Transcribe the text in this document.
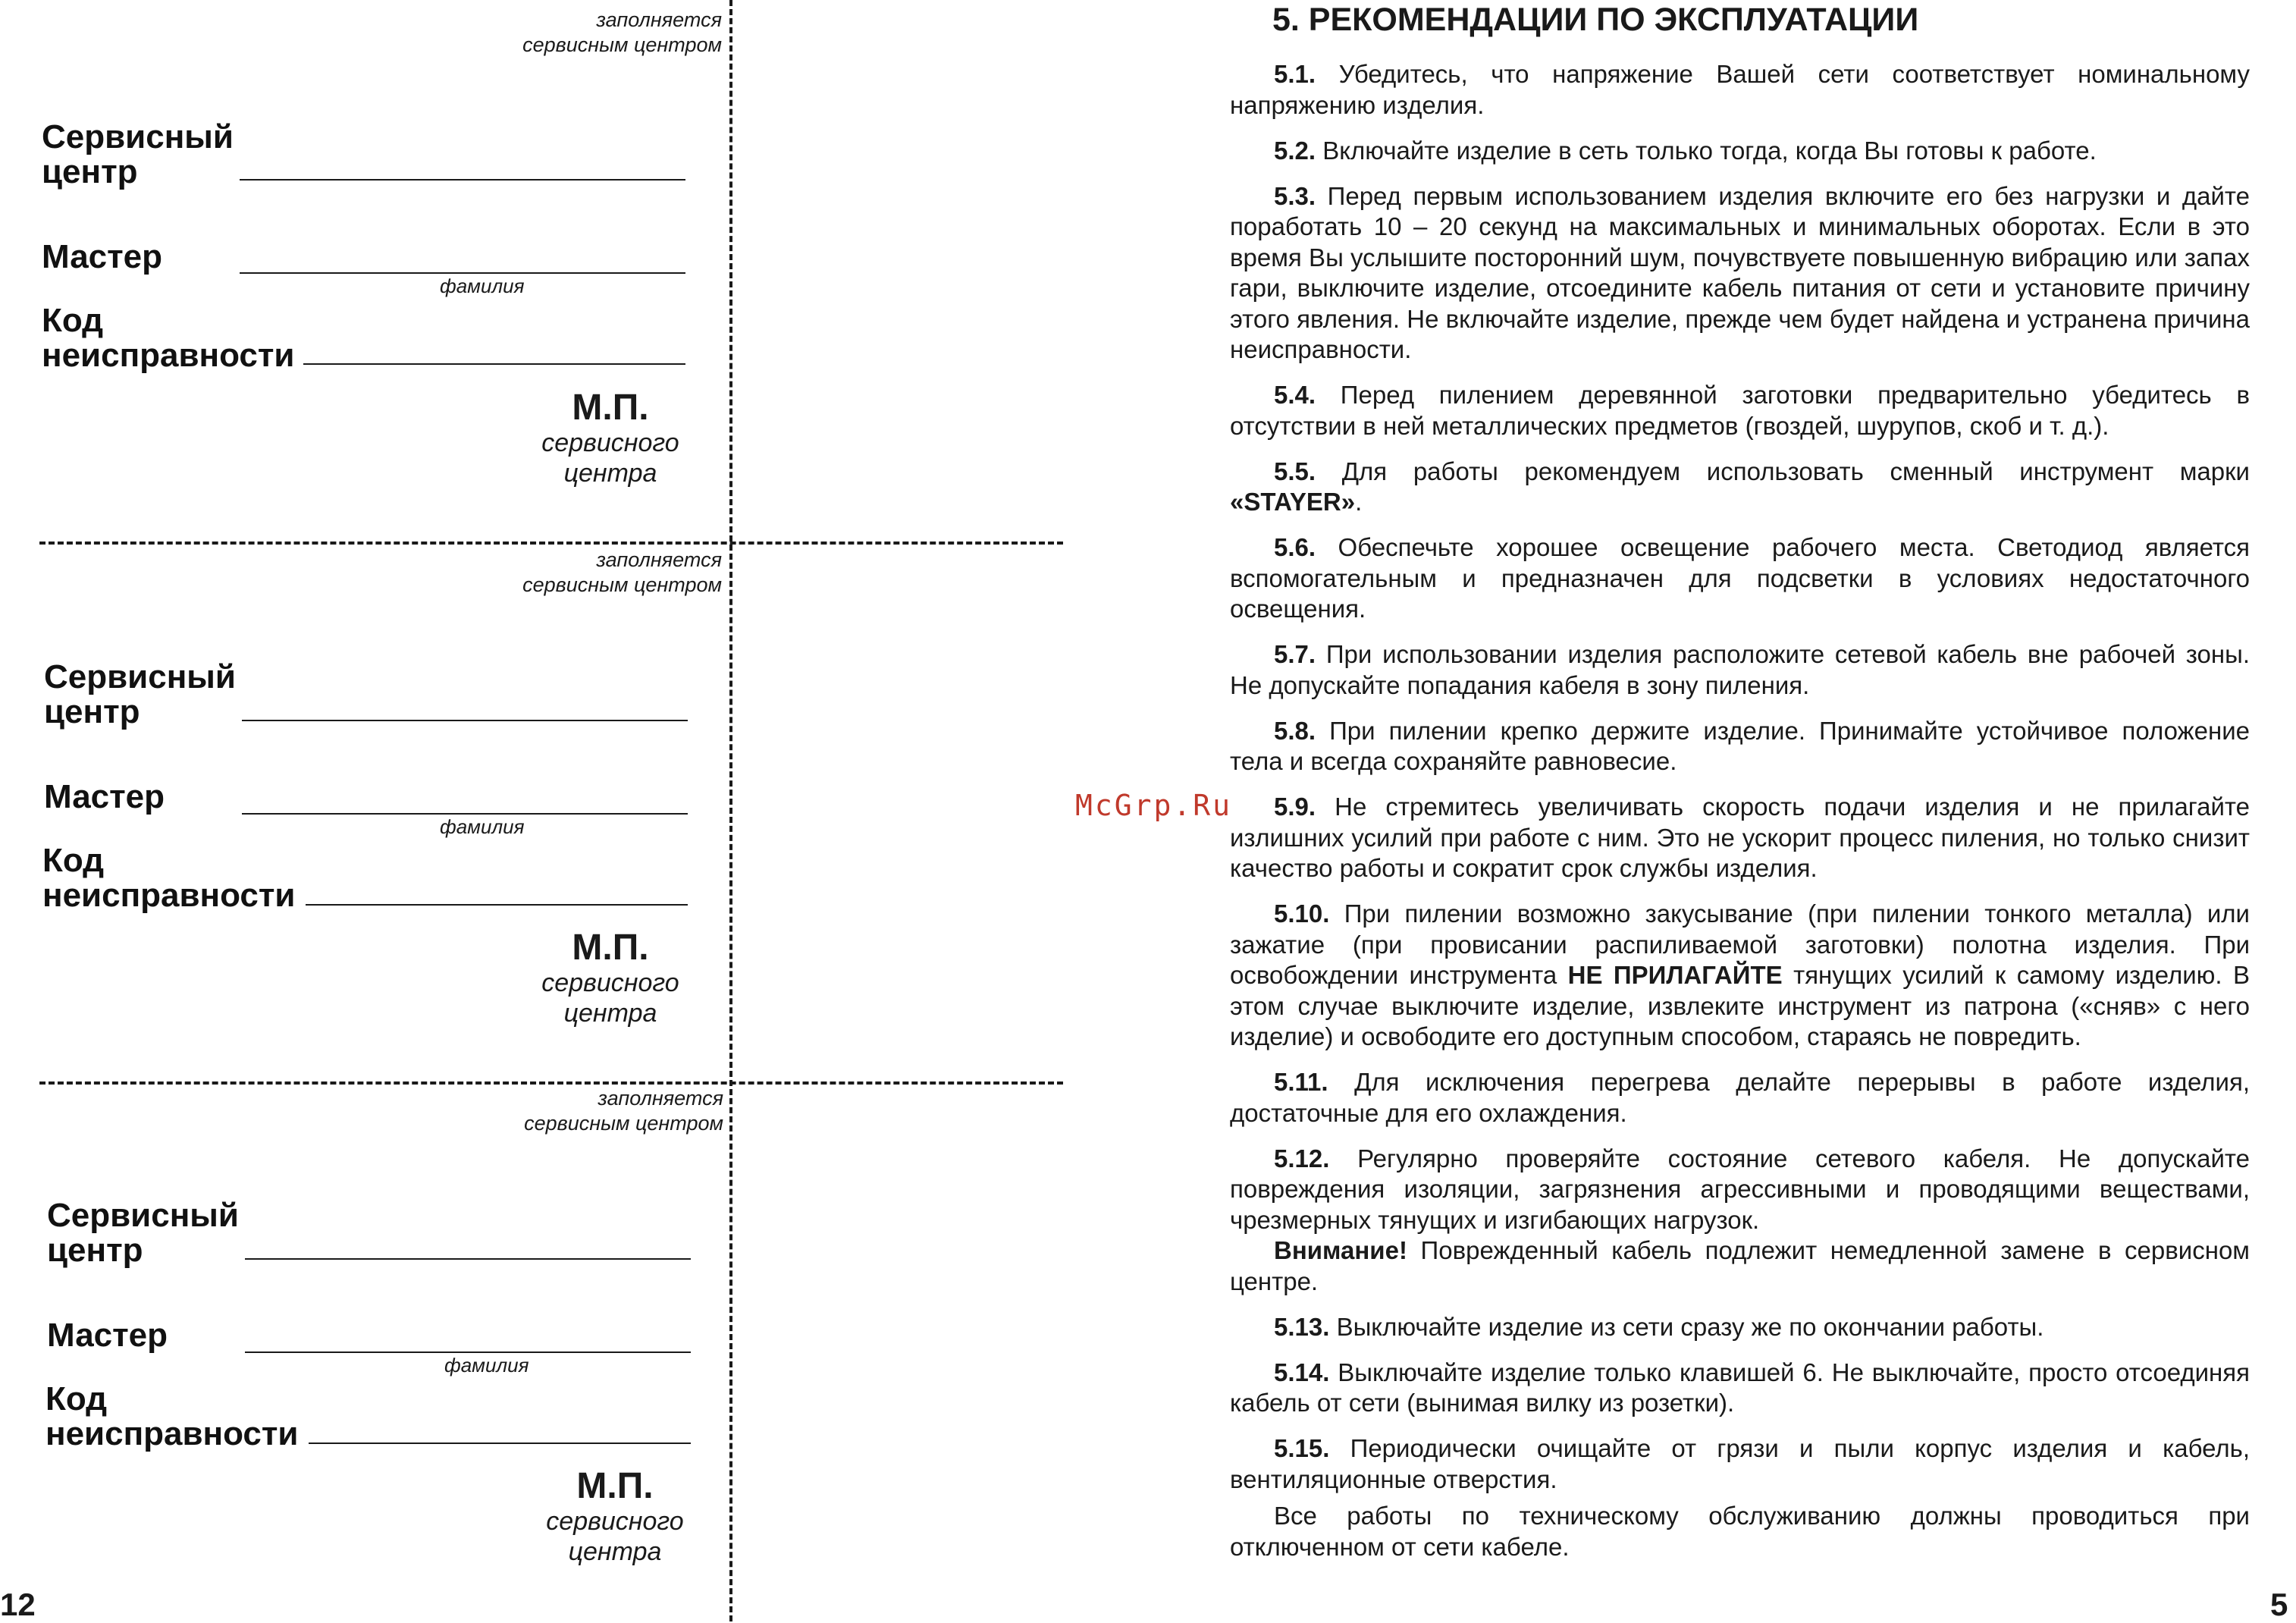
заполняется
сервисным центром
Сервисный
центр
Мастер
фамилия
Код
неисправности
М.П.
сервисного
центра
заполняется
сервисным центром
Сервисный
центр
Мастер
фамилия
Код
неисправности
М.П.
сервисного
центра
заполняется
сервисным центром
Сервисный
центр
Мастер
фамилия
Код
неисправности
М.П.
сервисного
центра
12
McGrp.Ru
5. РЕКОМЕНДАЦИИ ПО ЭКСПЛУАТАЦИИ

5.1. Убедитесь, что напряжение Вашей сети соответствует номинальному напряжению изделия.

5.2. Включайте изделие в сеть только тогда, когда Вы готовы к работе.

5.3. Перед первым использованием изделия включите его без нагрузки и дайте поработать 10 – 20 секунд на максимальных и минимальных оборотах. Если в это время Вы услышите посторонний шум, почувствуете повышенную вибрацию или запах гари, выключите изделие, отсоедините кабель питания от сети и установите причину этого явления. Не включайте изделие, прежде чем будет найдена и устранена причина неисправности.

5.4. Перед пилением деревянной заготовки предварительно убедитесь в отсутствии в ней металлических предметов (гвоздей, шурупов, скоб и т. д.).

5.5. Для работы рекомендуем использовать сменный инструмент марки «STAYER».

5.6. Обеспечьте хорошее освещение рабочего места. Светодиод является вспомогательным и предназначен для подсветки в условиях недостаточного освещения.

5.7. При использовании изделия расположите сетевой кабель вне рабочей зоны. Не допускайте попадания кабеля в зону пиления.

5.8. При пилении крепко держите изделие. Принимайте устойчивое положение тела и всегда сохраняйте равновесие.

5.9. Не стремитесь увеличивать скорость подачи изделия и не прилагайте излишних усилий при работе с ним. Это не ускорит процесс пиления, но только снизит качество работы и сократит срок службы изделия.

5.10. При пилении возможно закусывание (при пилении тонкого металла) или зажатие (при провисании распиливаемой заготовки) полотна изделия. При освобождении инструмента НЕ ПРИЛАГАЙТЕ тянущих усилий к самому изделию. В этом случае выключите изделие, извлеките инструмент из патрона («сняв» с него изделие) и освободите его доступным способом, стараясь не повредить.

5.11. Для исключения перегрева делайте перерывы в работе изделия, достаточные для его охлаждения.

5.12. Регулярно проверяйте состояние сетевого кабеля. Не допускайте повреждения изоляции, загрязнения агрессивными и проводящими веществами, чрезмерных тянущих и изгибающих нагрузок.

Внимание! Поврежденный кабель подлежит немедленной замене в сервисном центре.

5.13. Выключайте изделие из сети сразу же по окончании работы.

5.14. Выключайте изделие только клавишей 6. Не выключайте, просто отсоединяя кабель от сети (вынимая вилку из розетки).

5.15. Периодически очищайте от грязи и пыли корпус изделия и кабель, вентиляционные отверстия.

Все работы по техническому обслуживанию должны проводиться при отключенном от сети кабеле.

5
